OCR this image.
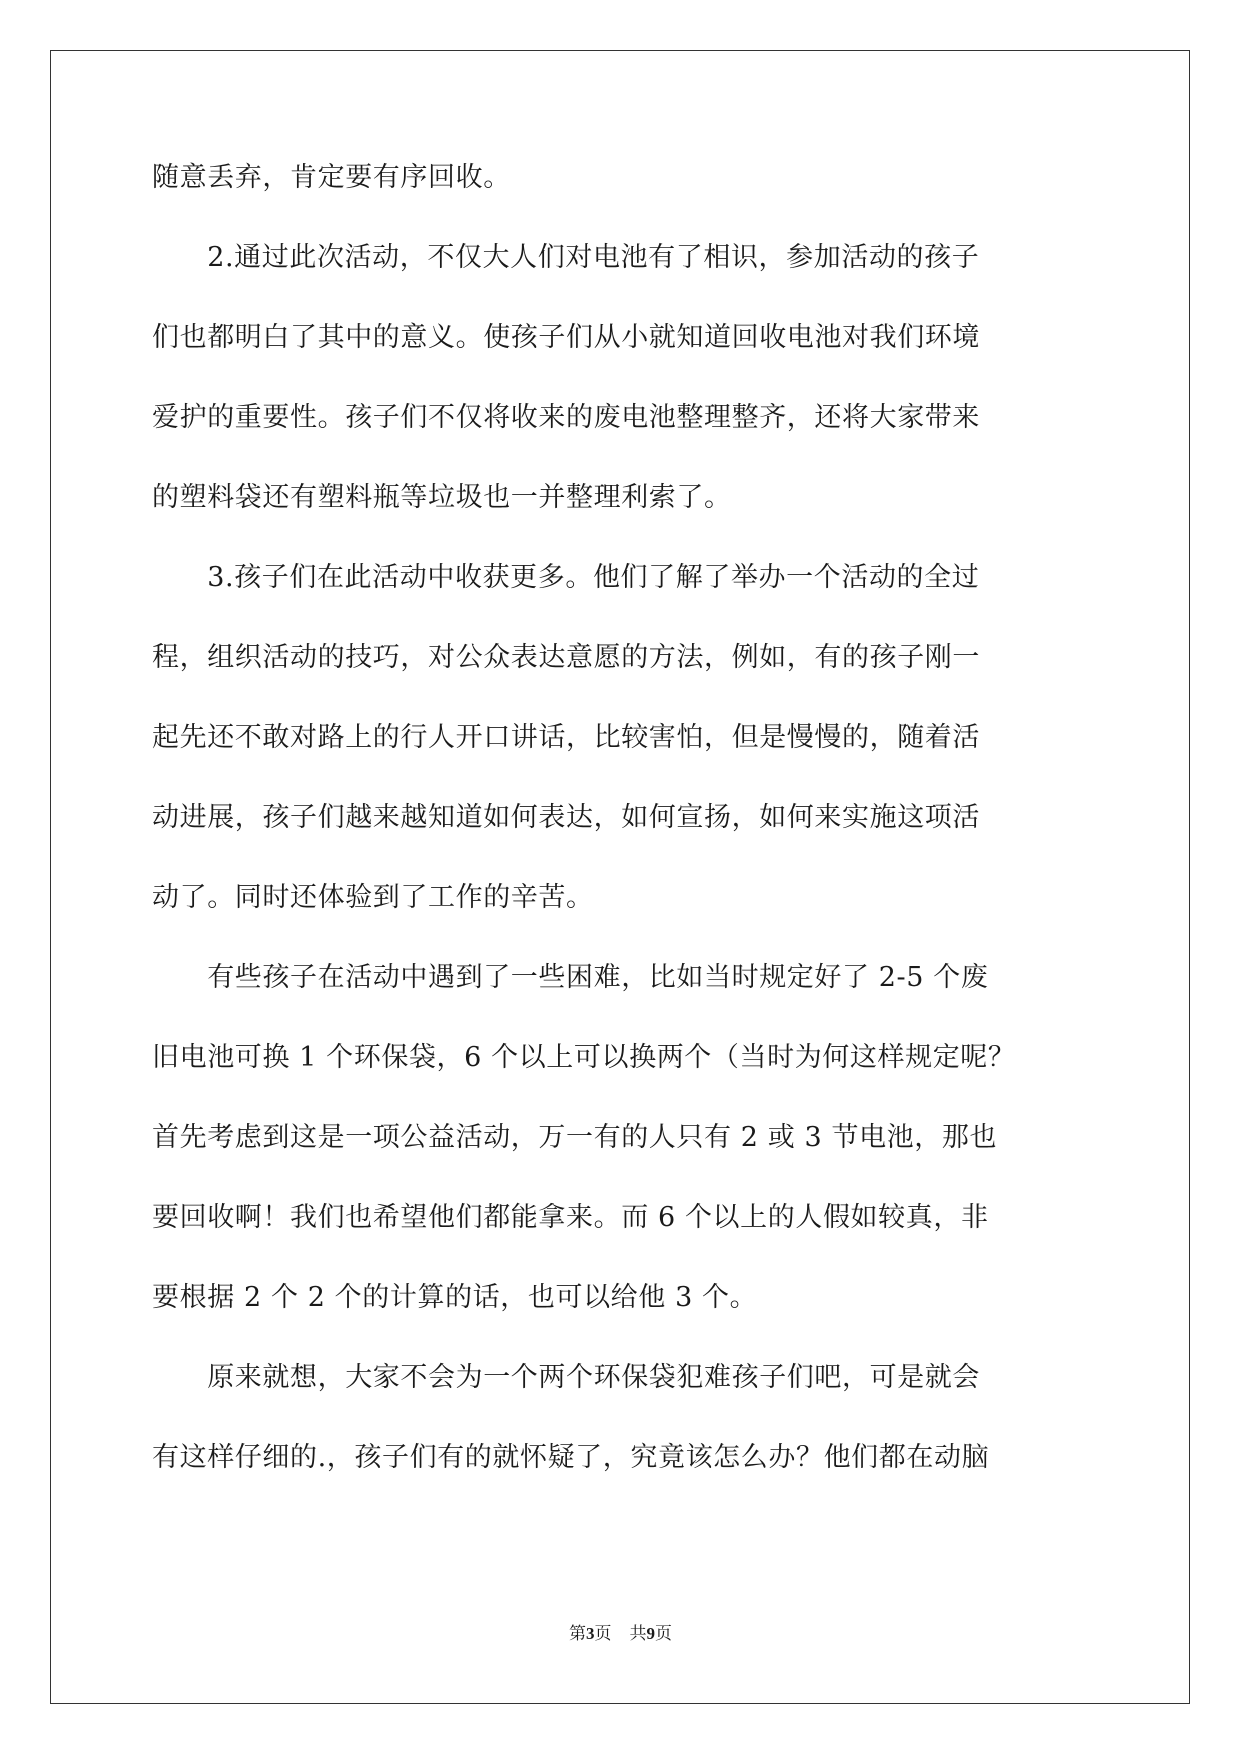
随意丢弃，肯定要有序回收。
　　2.通过此次活动，不仅大人们对电池有了相识，参加活动的孩子
们也都明白了其中的意义。使孩子们从小就知道回收电池对我们环境
爱护的重要性。孩子们不仅将收来的废电池整理整齐，还将大家带来
的塑料袋还有塑料瓶等垃圾也一并整理利索了。
　　3.孩子们在此活动中收获更多。他们了解了举办一个活动的全过
程，组织活动的技巧，对公众表达意愿的方法，例如，有的孩子刚一
起先还不敢对路上的行人开口讲话，比较害怕，但是慢慢的，随着活
动进展，孩子们越来越知道如何表达，如何宣扬，如何来实施这项活
动了。同时还体验到了工作的辛苦。
　　有些孩子在活动中遇到了一些困难，比如当时规定好了 2-5 个废
旧电池可换 1 个环保袋，6 个以上可以换两个（当时为何这样规定呢？
首先考虑到这是一项公益活动，万一有的人只有 2 或 3 节电池，那也
要回收啊！我们也希望他们都能拿来。而 6 个以上的人假如较真，非
要根据 2 个 2 个的计算的话，也可以给他 3 个。
　　原来就想，大家不会为一个两个环保袋犯难孩子们吧，可是就会
有这样仔细的.，孩子们有的就怀疑了，究竟该怎么办？他们都在动脑
第3页 共9页
